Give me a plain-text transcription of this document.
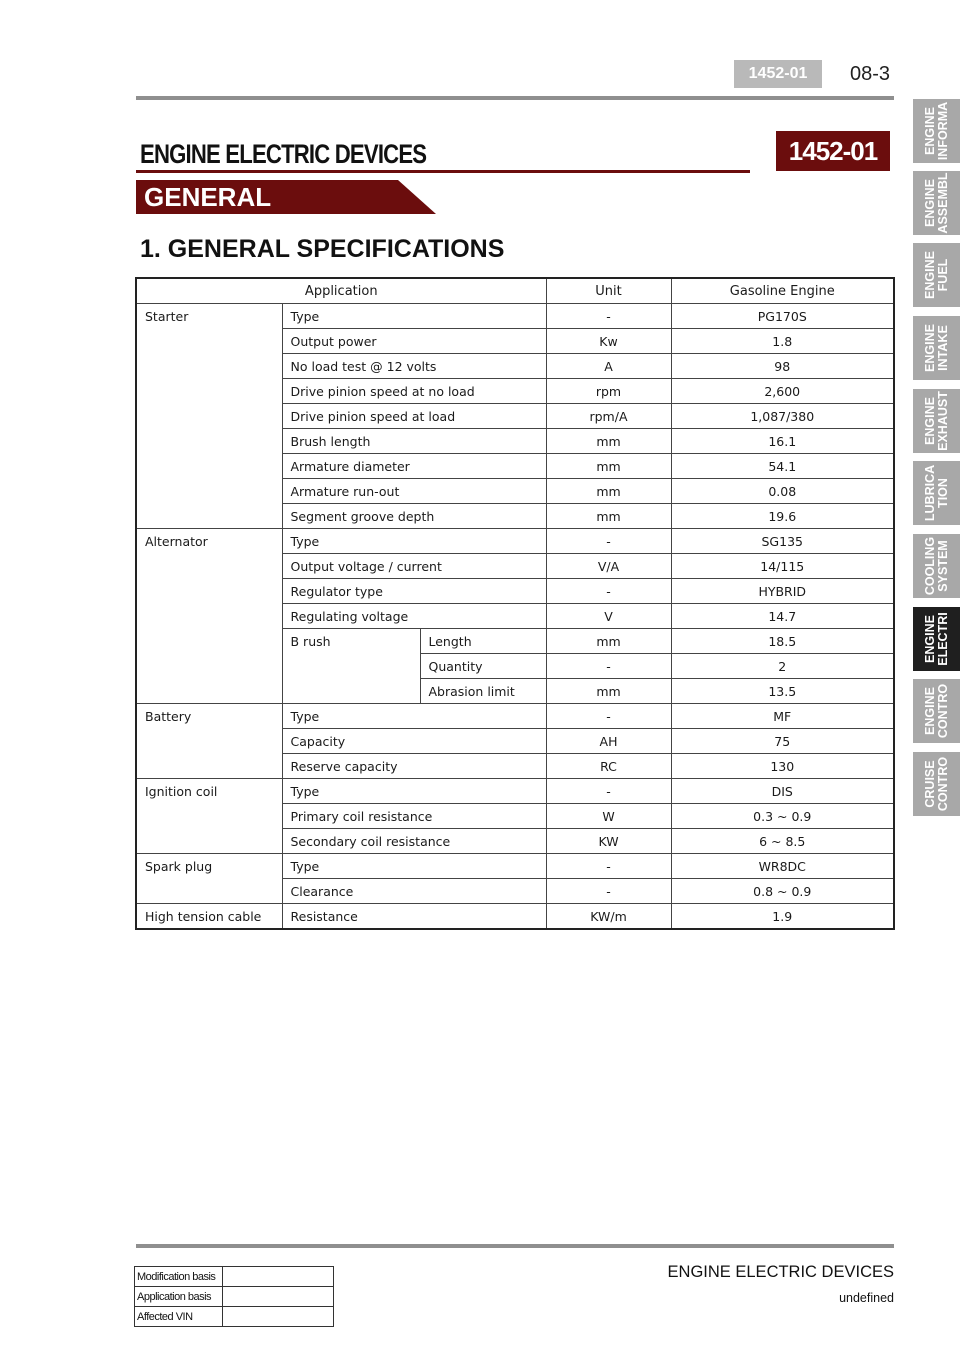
1452-01	08-3
ENGINE ELECTRIC DEVICES	1452-01
GENERAL
1. GENERAL SPECIFICATIONS
Application			Unit	Gasoline Engine
Starter	Type		-	PG170S
	Output power		Kw	1.8
	No load test @ 12 volts		A	98
	Drive pinion speed at no load		rpm	2,600
	Drive pinion speed at load		rpm/A	1,087/380
	Brush length		mm	16.1
	Armature diameter		mm	54.1
	Armature run-out		mm	0.08
	Segment groove depth		mm	19.6
Alternator	Type		-	SG135
	Output voltage / current		V/A	14/115
	Regulator type		-	HYBRID
	Regulating voltage		V	14.7
	B rush	Length	mm	18.5
		Quantity	-	2
		Abrasion limit	mm	13.5
Battery	Type		-	MF
	Capacity		AH	75
	Reserve capacity		RC	130
Ignition coil	Type		-	DIS
	Primary coil resistance		W	0.3 ~ 0.9
	Secondary coil resistance		KW	6 ~ 8.5
Spark plug	Type		-	WR8DC
	Clearance		-	0.8 ~ 0.9
High tension cable	Resistance		KW/m	1.9
ENGINE
INFORMA
ENGINE
ASSEMBL
ENGINE
FUEL
ENGINE
INTAKE
ENGINE
EXHAUST
LUBRICA
TION
COOLING
SYSTEM
ENGINE
ELECTRI
ENGINE
CONTRO
CRUISE
CONTRO
ENGINE ELECTRIC DEVICES
undefined
Modification basis	
Application basis	
Affected VIN	
